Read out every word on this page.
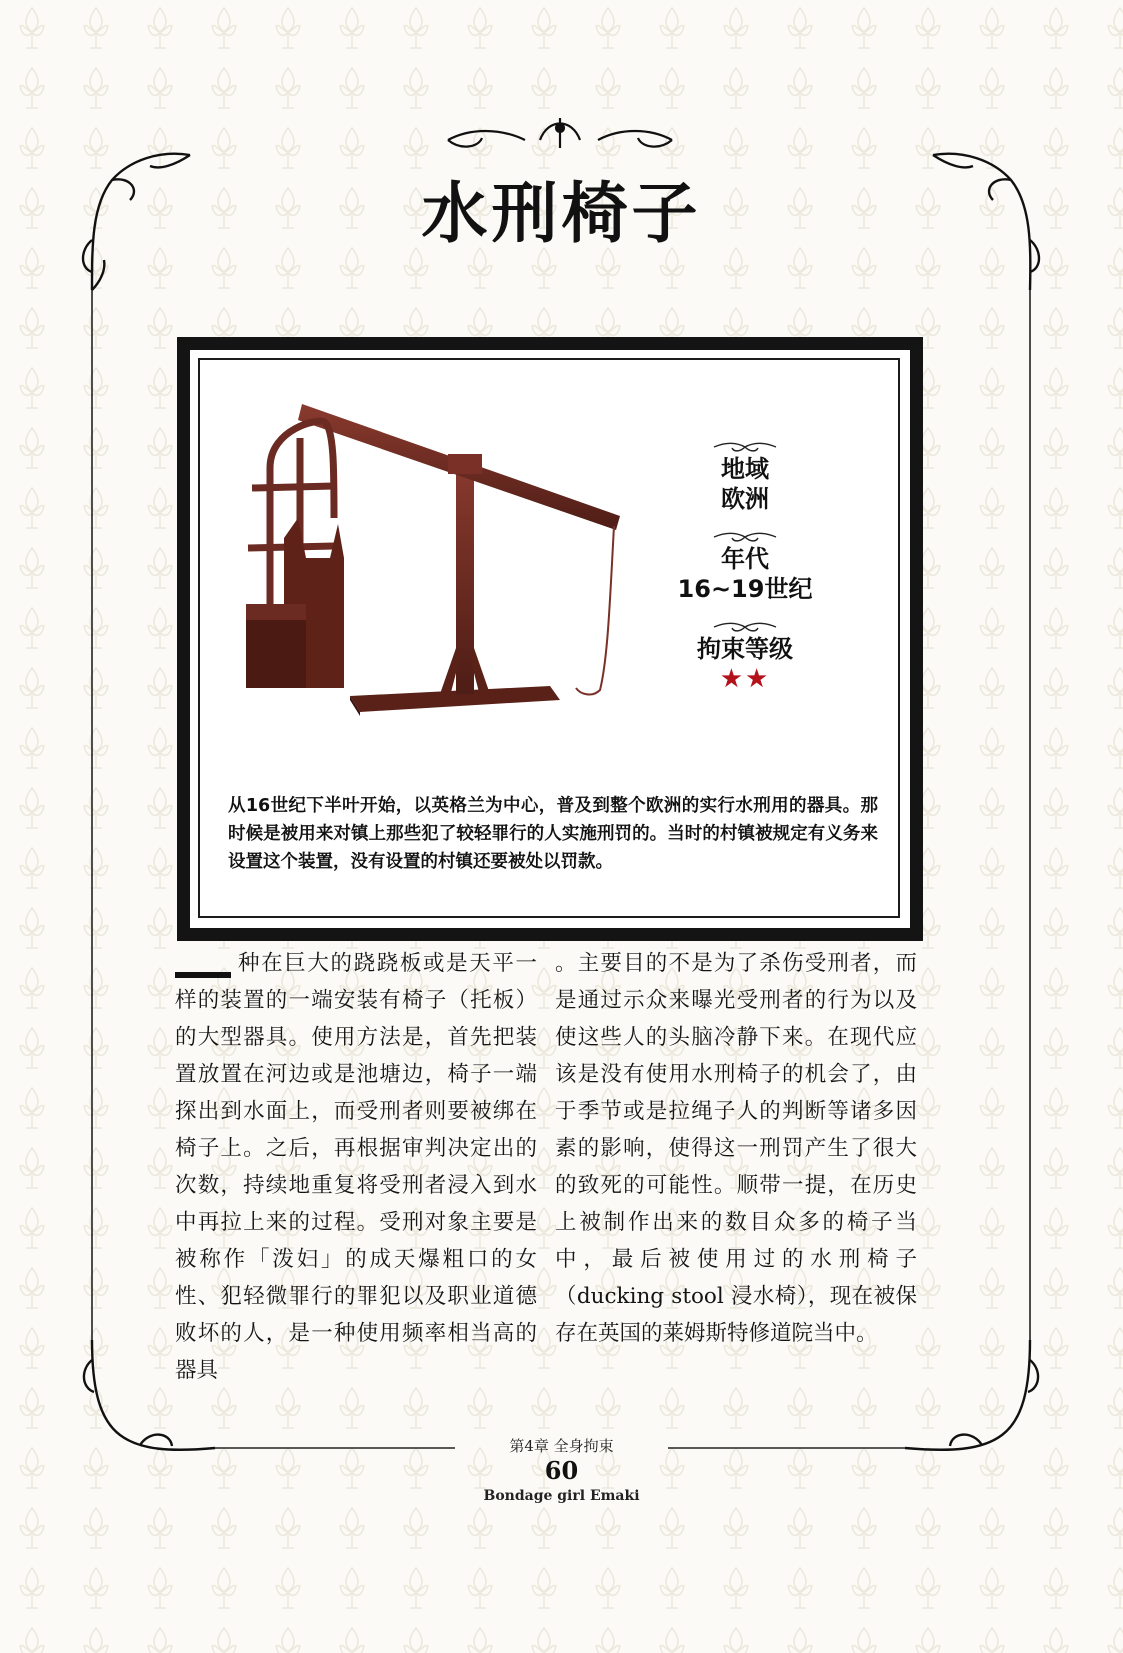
水刑椅子
地域
欧洲
年代
16~19世纪
拘束等级
★★

从16世纪下半叶开始，以英格兰为中心，普及到整个欧洲的实行水刑用的器具。那时候是被用来对镇上那些犯了较轻罪行的人实施刑罚的。当时的村镇被规定有义务来设置这个装置，没有设置的村镇还要被处以罚款。

种在巨大的跷跷板或是天平一样的装置的一端安装有椅子（托板）的大型器具。使用方法是，首先把装置放置在河边或是池塘边，椅子一端探出到水面上，而受刑者则要被绑在椅子上。之后，再根据审判决定出的次数，持续地重复将受刑者浸入到水中再拉上来的过程。受刑对象主要是被称作「泼妇」的成天爆粗口的女性、犯轻微罪行的罪犯以及职业道德败坏的人，是一种使用频率相当高的器具

。主要目的不是为了杀伤受刑者，而是通过示众来曝光受刑者的行为以及使这些人的头脑冷静下来。在现代应该是没有使用水刑椅子的机会了，由于季节或是拉绳子人的判断等诸多因素的影响，使得这一刑罚产生了很大的致死的可能性。顺带一提，在历史上被制作出来的数目众多的椅子当中，最后被使用过的水刑椅子（ducking stool 浸水椅），现在被保存在英国的莱姆斯特修道院当中。

第4章 全身拘束
60
Bondage girl Emaki
